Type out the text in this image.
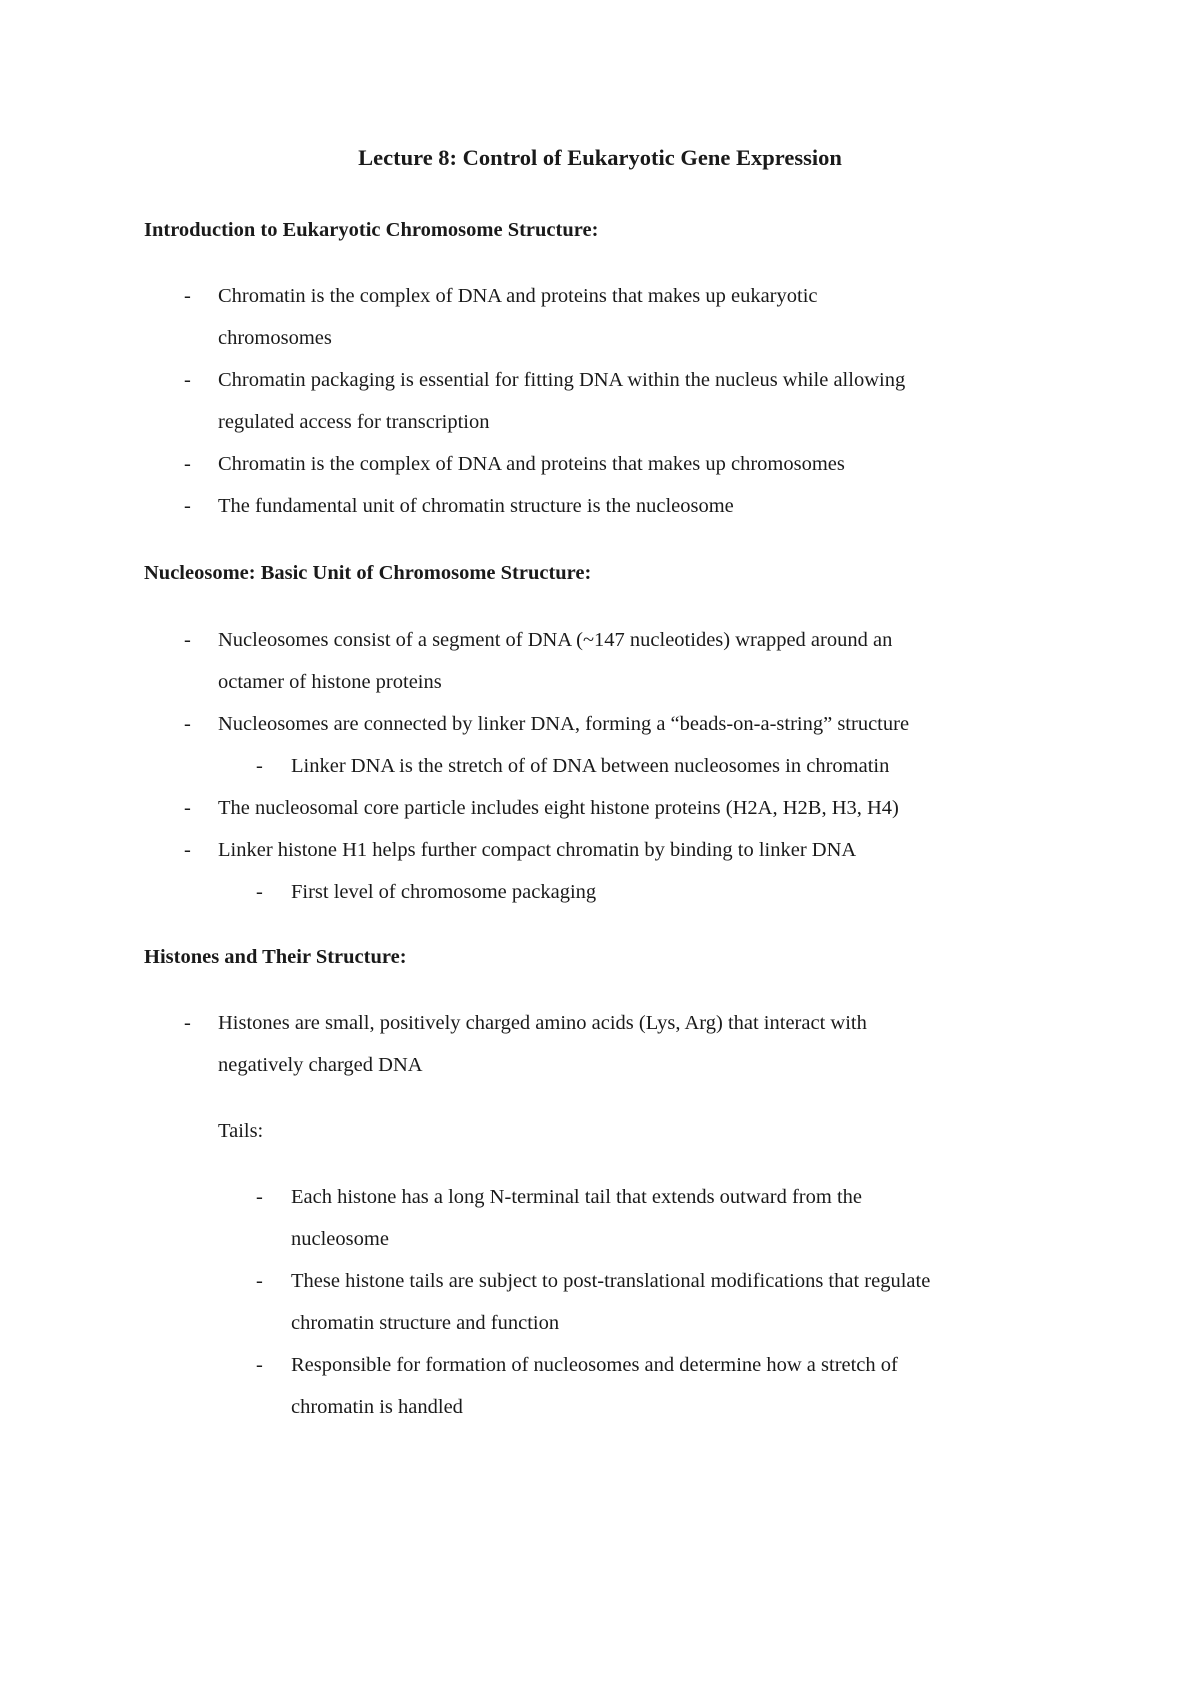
Lecture 8: Control of Eukaryotic Gene Expression
Introduction to Eukaryotic Chromosome Structure:
- Chromatin is the complex of DNA and proteins that makes up eukaryotic
chromosomes
- Chromatin packaging is essential for fitting DNA within the nucleus while allowing
regulated access for transcription
- Chromatin is the complex of DNA and proteins that makes up chromosomes
- The fundamental unit of chromatin structure is the nucleosome
Nucleosome: Basic Unit of Chromosome Structure:
- Nucleosomes consist of a segment of DNA (~147 nucleotides) wrapped around an
octamer of histone proteins
- Nucleosomes are connected by linker DNA, forming a “beads-on-a-string” structure
- Linker DNA is the stretch of of DNA between nucleosomes in chromatin
- The nucleosomal core particle includes eight histone proteins (H2A, H2B, H3, H4)
- Linker histone H1 helps further compact chromatin by binding to linker DNA
- First level of chromosome packaging
Histones and Their Structure:
- Histones are small, positively charged amino acids (Lys, Arg) that interact with
negatively charged DNA
Tails:
- Each histone has a long N-terminal tail that extends outward from the
nucleosome
- These histone tails are subject to post-translational modifications that regulate
chromatin structure and function
- Responsible for formation of nucleosomes and determine how a stretch of
chromatin is handled
